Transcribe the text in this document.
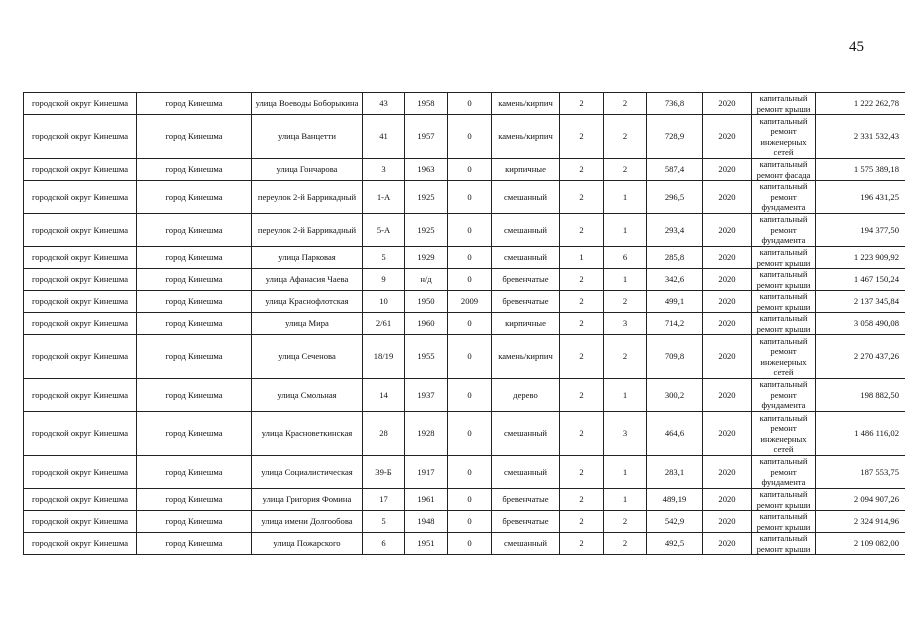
45
городской округ Кинешма	город Кинешма	улица Воеводы Боборыкина	43	1958	0	камень/кирпич	2	2	736,8	2020	капитальный ремонт крыши	1 222 262,78
городской округ Кинешма	город Кинешма	улица Ванцетти	41	1957	0	камень/кирпич	2	2	728,9	2020	капитальный ремонт инженерных сетей	2 331 532,43
городской округ Кинешма	город Кинешма	улица Гончарова	3	1963	0	кирпичные	2	2	587,4	2020	капитальный ремонт фасада	1 575 389,18
городской округ Кинешма	город Кинешма	переулок 2-й Баррикадный	1-А	1925	0	смешанный	2	1	296,5	2020	капитальный ремонт фундамента	196 431,25
городской округ Кинешма	город Кинешма	переулок 2-й Баррикадный	5-А	1925	0	смешанный	2	1	293,4	2020	капитальный ремонт фундамента	194 377,50
городской округ Кинешма	город Кинешма	улица Парковая	5	1929	0	смешанный	1	6	285,8	2020	капитальный ремонт крыши	1 223 909,92
городской округ Кинешма	город Кинешма	улица Афанасия Чаева	9	н/д	0	бревенчатые	2	1	342,6	2020	капитальный ремонт крыши	1 467 150,24
городской округ Кинешма	город Кинешма	улица Краснофлотская	10	1950	2009	бревенчатые	2	2	499,1	2020	капитальный ремонт крыши	2 137 345,84
городской округ Кинешма	город Кинешма	улица Мира	2/61	1960	0	кирпичные	2	3	714,2	2020	капитальный ремонт крыши	3 058 490,08
городской округ Кинешма	город Кинешма	улица Сеченова	18/19	1955	0	камень/кирпич	2	2	709,8	2020	капитальный ремонт инженерных сетей	2 270 437,26
городской округ Кинешма	город Кинешма	улица Смольная	14	1937	0	дерево	2	1	300,2	2020	капитальный ремонт фундамента	198 882,50
городской округ Кинешма	город Кинешма	улица Красноветкинская	28	1928	0	смешанный	2	3	464,6	2020	капитальный ремонт инженерных сетей	1 486 116,02
городской округ Кинешма	город Кинешма	улица Социалистическая	39-Б	1917	0	смешанный	2	1	283,1	2020	капитальный ремонт фундамента	187 553,75
городской округ Кинешма	город Кинешма	улица Григория Фомина	17	1961	0	бревенчатые	2	1	489,19	2020	капитальный ремонт крыши	2 094 907,26
городской округ Кинешма	город Кинешма	улица имени Долгообова	5	1948	0	бревенчатые	2	2	542,9	2020	капитальный ремонт крыши	2 324 914,96
городской округ Кинешма	город Кинешма	улица Пожарского	6	1951	0	смешанный	2	2	492,5	2020	капитальный ремонт крыши	2 109 082,00
